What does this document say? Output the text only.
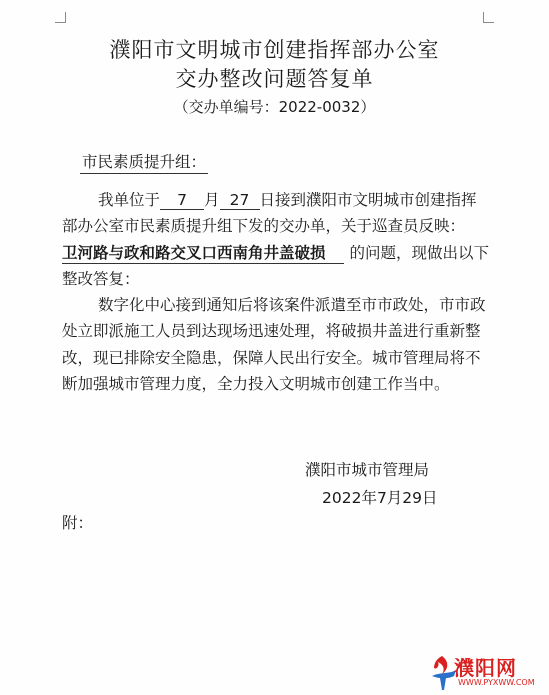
濮阳市文明城市创建指挥部办公室
交办整改问题答复单
（交办单编号：2022-0032）
市民素质提升组：
我单位于 7 月 27 日接到濮阳市文明城市创建指挥
部办公室市民素质提升组下发的交办单，关于巡查员反映：
卫河路与政和路交叉口西南角井盖破损 的问题，现做出以下
整改答复：
数字化中心接到通知后将该案件派遣至市市政处，市市政
处立即派施工人员到达现场迅速处理，将破损井盖进行重新整
改，现已排除安全隐患，保障人民出行安全。城市管理局将不
断加强城市管理力度，全力投入文明城市创建工作当中。
濮阳市城市管理局
2022年7月29日
附：
濮阳网
WWW.PYXWW.COM
